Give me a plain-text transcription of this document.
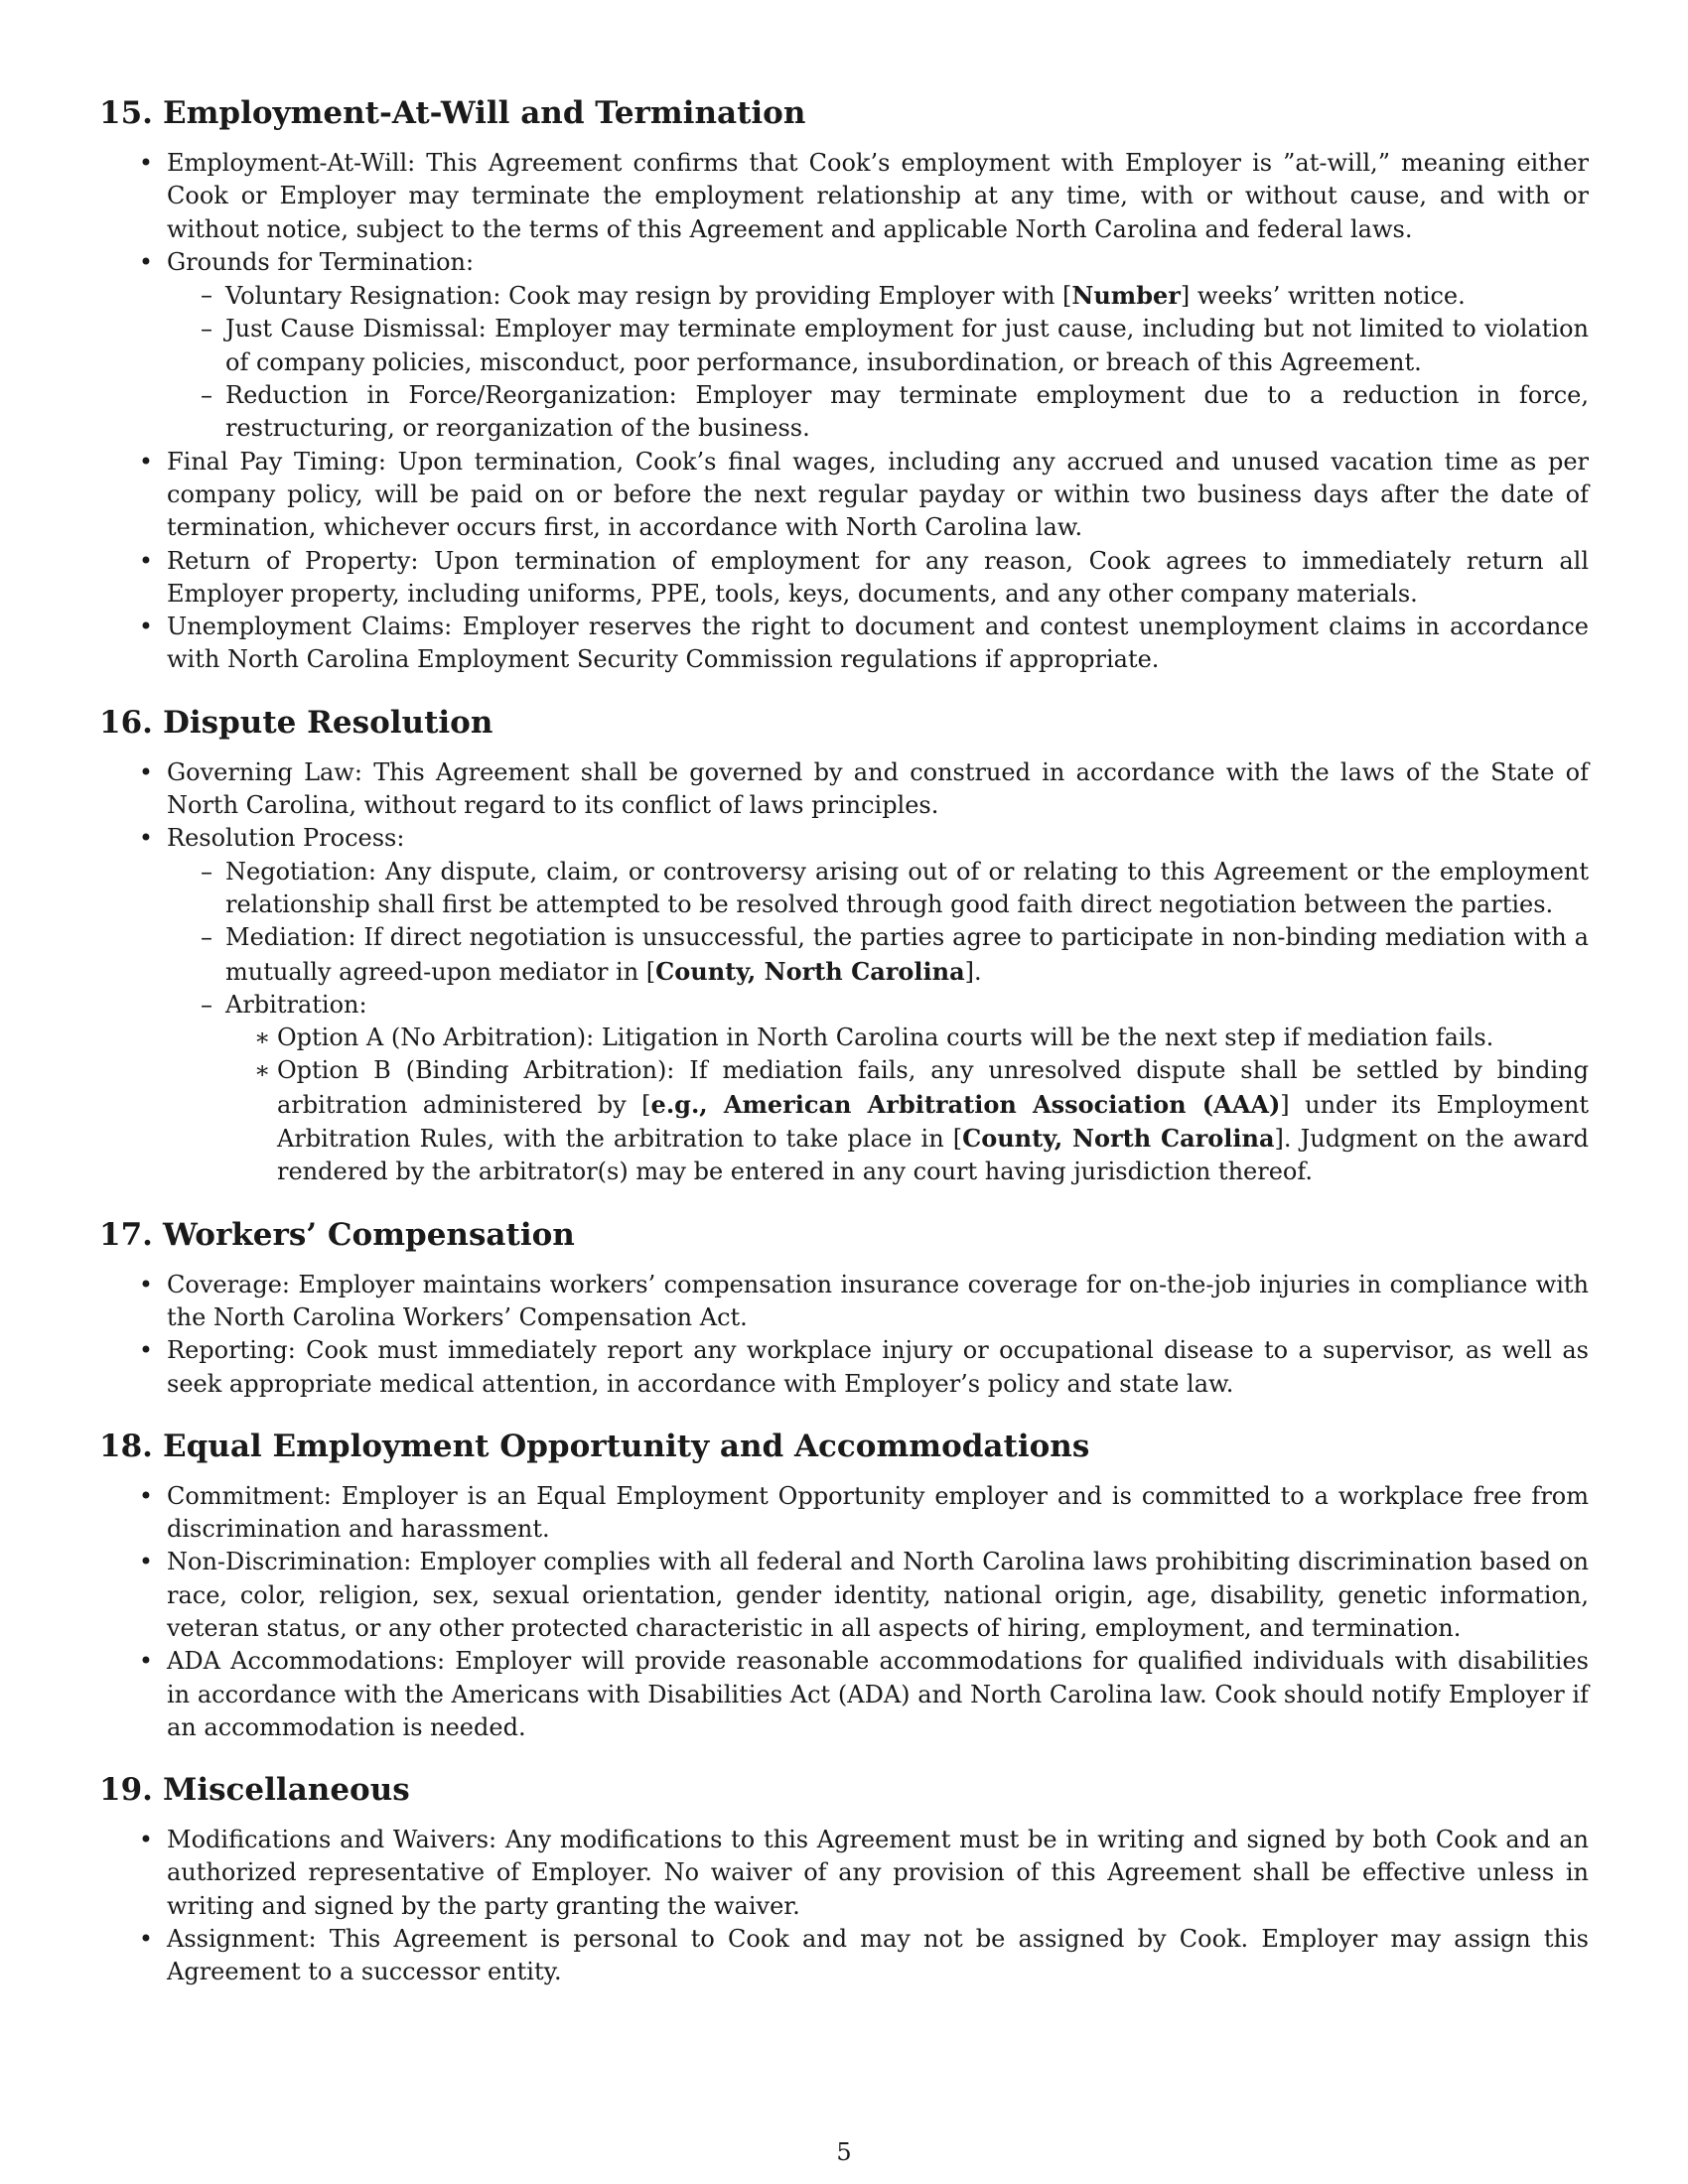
15. Employment-At-Will and Termination
• Employment-At-Will: This Agreement confirms that Cook’s employment with Employer is ”at-will,” meaning either Cook or Employer may terminate the employment relationship at any time, with or without cause, and with or without notice, subject to the terms of this Agreement and applicable North Carolina and federal laws.
• Grounds for Termination:
– Voluntary Resignation: Cook may resign by providing Employer with [Number] weeks’ written notice.
– Just Cause Dismissal: Employer may terminate employment for just cause, including but not limited to violation of company policies, misconduct, poor performance, insubordination, or breach of this Agreement.
– Reduction in Force/Reorganization: Employer may terminate employment due to a reduction in force, restructuring, or reorganization of the business.
• Final Pay Timing: Upon termination, Cook’s final wages, including any accrued and unused vacation time as per company policy, will be paid on or before the next regular payday or within two business days after the date of termination, whichever occurs first, in accordance with North Carolina law.
• Return of Property: Upon termination of employment for any reason, Cook agrees to immediately return all Employer property, including uniforms, PPE, tools, keys, documents, and any other company materials.
• Unemployment Claims: Employer reserves the right to document and contest unemployment claims in accordance with North Carolina Employment Security Commission regulations if appropriate.
16. Dispute Resolution
• Governing Law: This Agreement shall be governed by and construed in accordance with the laws of the State of North Carolina, without regard to its conflict of laws principles.
• Resolution Process:
– Negotiation: Any dispute, claim, or controversy arising out of or relating to this Agreement or the employment relationship shall first be attempted to be resolved through good faith direct negotiation between the parties.
– Mediation: If direct negotiation is unsuccessful, the parties agree to participate in non-binding mediation with a mutually agreed-upon mediator in [County, North Carolina].
– Arbitration:
∗ Option A (No Arbitration): Litigation in North Carolina courts will be the next step if mediation fails.
∗ Option B (Binding Arbitration): If mediation fails, any unresolved dispute shall be settled by binding arbitration administered by [e.g., American Arbitration Association (AAA)] under its Employment Arbitration Rules, with the arbitration to take place in [County, North Carolina]. Judgment on the award rendered by the arbitrator(s) may be entered in any court having jurisdiction thereof.
17. Workers’ Compensation
• Coverage: Employer maintains workers’ compensation insurance coverage for on-the-job injuries in compliance with the North Carolina Workers’ Compensation Act.
• Reporting: Cook must immediately report any workplace injury or occupational disease to a supervisor, as well as seek appropriate medical attention, in accordance with Employer’s policy and state law.
18. Equal Employment Opportunity and Accommodations
• Commitment: Employer is an Equal Employment Opportunity employer and is committed to a workplace free from discrimination and harassment.
• Non-Discrimination: Employer complies with all federal and North Carolina laws prohibiting discrimination based on race, color, religion, sex, sexual orientation, gender identity, national origin, age, disability, genetic information, veteran status, or any other protected characteristic in all aspects of hiring, employment, and termination.
• ADA Accommodations: Employer will provide reasonable accommodations for qualified individuals with disabilities in accordance with the Americans with Disabilities Act (ADA) and North Carolina law. Cook should notify Employer if an accommodation is needed.
19. Miscellaneous
• Modifications and Waivers: Any modifications to this Agreement must be in writing and signed by both Cook and an authorized representative of Employer. No waiver of any provision of this Agreement shall be effective unless in writing and signed by the party granting the waiver.
• Assignment: This Agreement is personal to Cook and may not be assigned by Cook. Employer may assign this Agreement to a successor entity.
5
